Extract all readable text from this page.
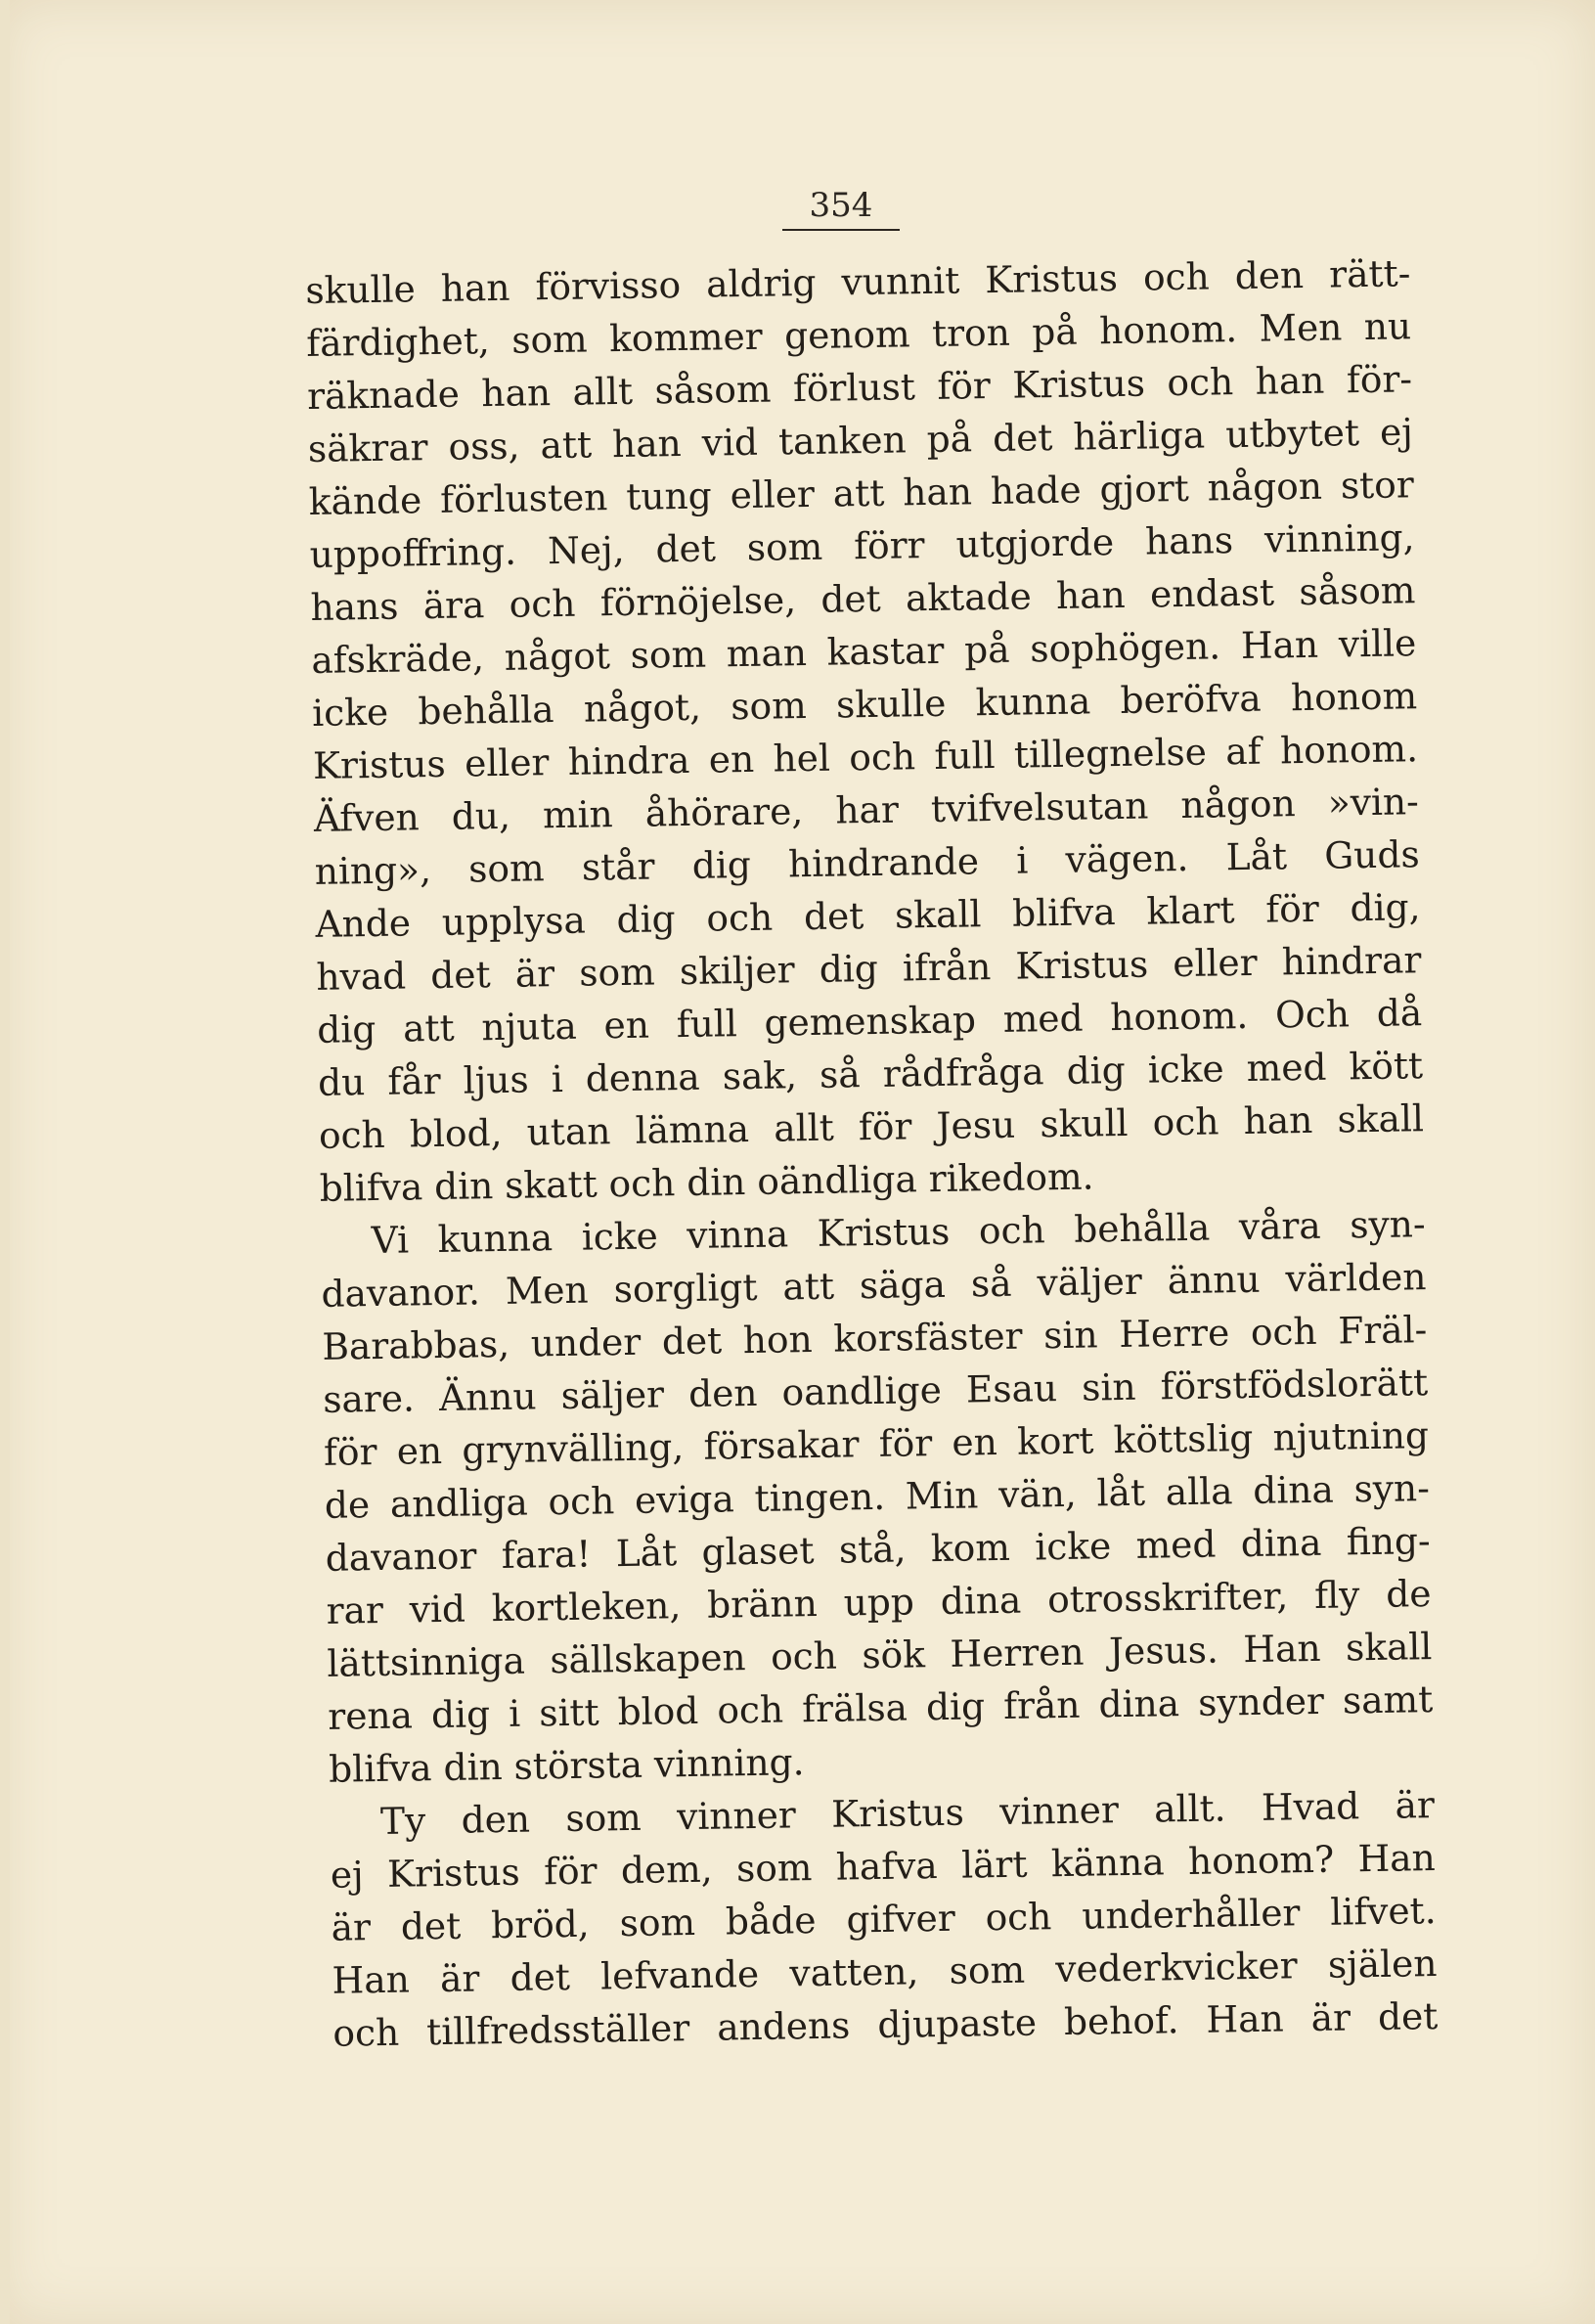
354
skulle han förvisso aldrig vunnit Kristus och den rätt-
färdighet, som kommer genom tron på honom. Men nu
räknade han allt såsom förlust för Kristus och han för-
säkrar oss, att han vid tanken på det härliga utbytet ej
kände förlusten tung eller att han hade gjort någon stor
uppoffring. Nej, det som förr utgjorde hans vinning,
hans ära och förnöjelse, det aktade han endast såsom
afskräde, något som man kastar på sophögen. Han ville
icke behålla något, som skulle kunna beröfva honom
Kristus eller hindra en hel och full tillegnelse af honom.
Äfven du, min åhörare, har tvifvelsutan någon »vin-
ning», som står dig hindrande i vägen. Låt Guds
Ande upplysa dig och det skall blifva klart för dig,
hvad det är som skiljer dig ifrån Kristus eller hindrar
dig att njuta en full gemenskap med honom. Och då
du får ljus i denna sak, så rådfråga dig icke med kött
och blod, utan lämna allt för Jesu skull och han skall
blifva din skatt och din oändliga rikedom.
Vi kunna icke vinna Kristus och behålla våra syn-
davanor. Men sorgligt att säga så väljer ännu världen
Barabbas, under det hon korsfäster sin Herre och Fräl-
sare. Ännu säljer den oandlige Esau sin förstfödslorätt
för en grynvälling, försakar för en kort köttslig njutning
de andliga och eviga tingen. Min vän, låt alla dina syn-
davanor fara! Låt glaset stå, kom icke med dina fing-
rar vid kortleken, bränn upp dina otrosskrifter, fly de
lättsinniga sällskapen och sök Herren Jesus. Han skall
rena dig i sitt blod och frälsa dig från dina synder samt
blifva din största vinning.
Ty den som vinner Kristus vinner allt. Hvad är
ej Kristus för dem, som hafva lärt känna honom? Han
är det bröd, som både gifver och underhåller lifvet.
Han är det lefvande vatten, som vederkvicker själen
och tillfredsställer andens djupaste behof. Han är det
